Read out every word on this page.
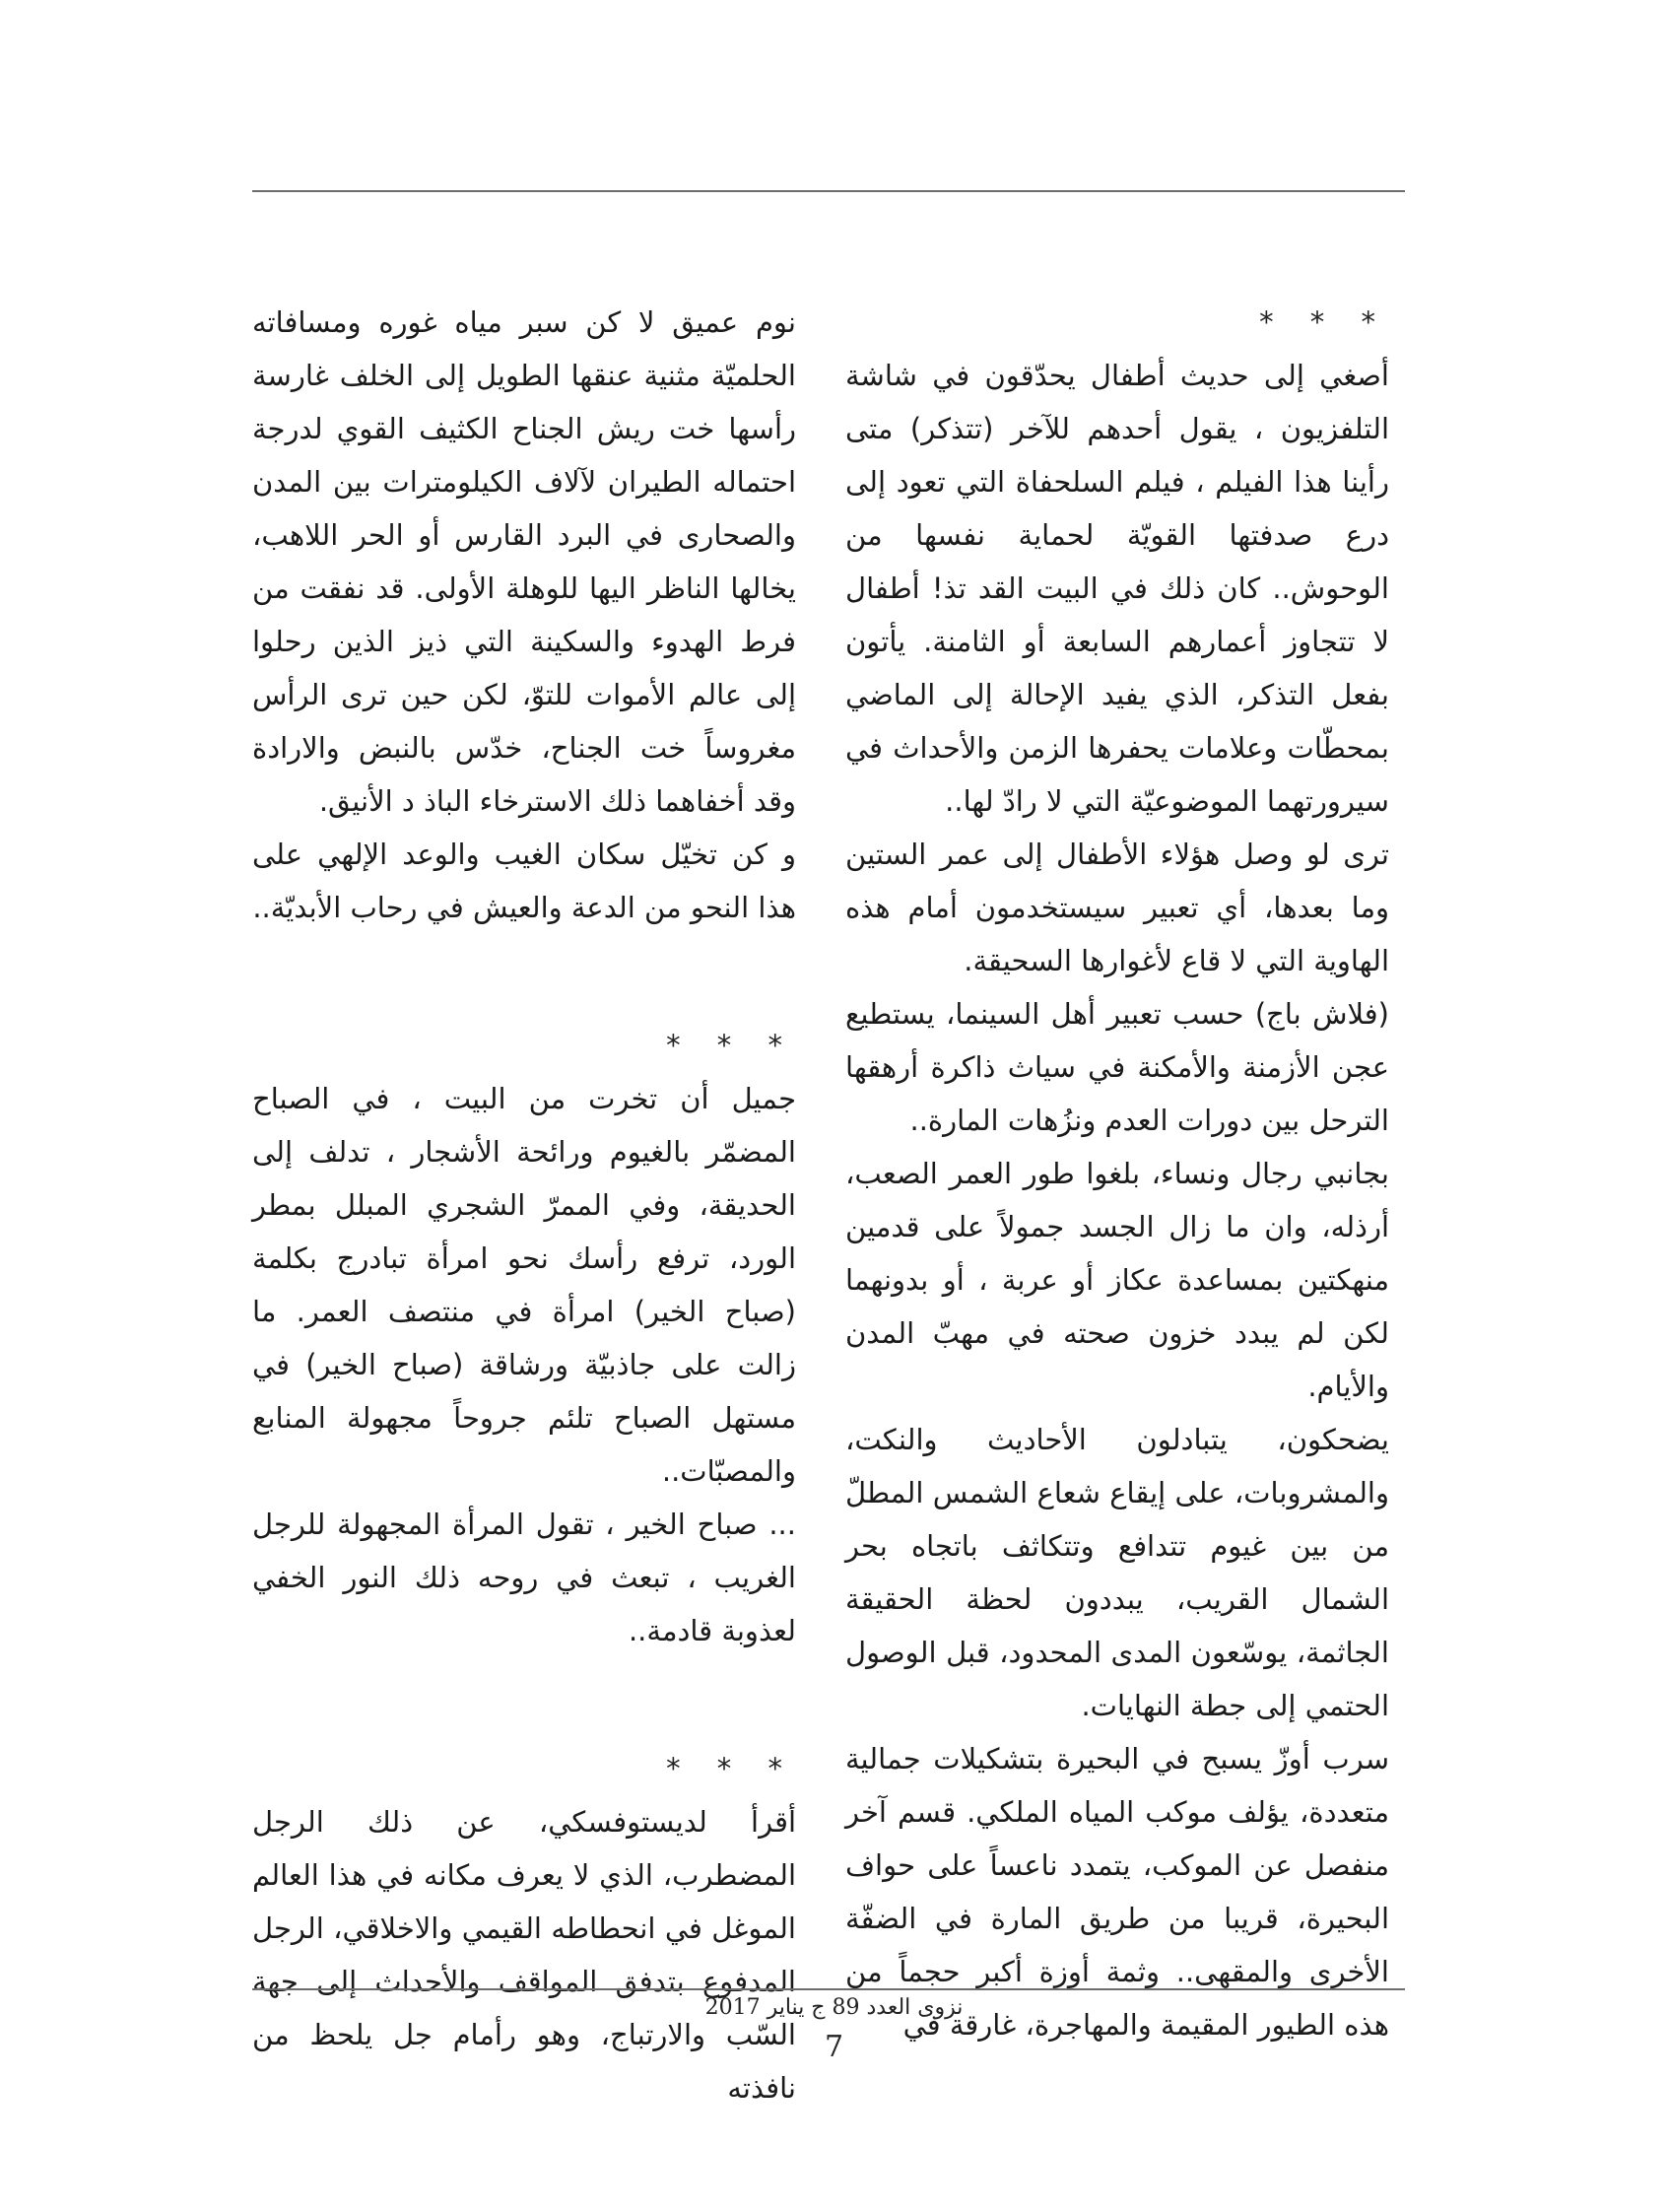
* * *

أصغي إلى حديث أطفال يحدّقون في شاشة التلفزيون ، يقول أحدهم للآخر (تتذكر) متى رأينا هذا الفيلم ، فيلم السلحفاة التي تعود إلى درع صدفتها القويّة لحماية نفسها من الوحوش.. كان ذلك في البيت القد تذ! أطفال لا تتجاوز أعمارهم السابعة أو الثامنة. يأتون بفعل التذكر، الذي يفيد الإحالة إلى الماضي بمحطّات وعلامات يحفرها الزمن والأحداث في سيرورتهما الموضوعيّة التي لا رادّ لها..

ترى لو وصل هؤلاء الأطفال إلى عمر الستين وما بعدها، أي تعبير سيستخدمون أمام هذه الهاوية التي لا قاع لأغوارها السحيقة.

(فلاش باج) حسب تعبير أهل السينما، يستطيع عجن الأزمنة والأمكنة في سياث ذاكرة أرهقها الترحل بين دورات العدم ونزُهات المارة..

بجانبي رجال ونساء، بلغوا طور العمر الصعب، أرذله، وان ما زال الجسد جمولاً على قدمين منهكتين بمساعدة عكاز أو عربة ، أو بدونهما لكن لم يبدد خزون صحته في مهبّ المدن والأيام.

يضحكون، يتبادلون الأحاديث والنكت، والمشروبات، على إيقاع شعاع الشمس المطلّ من بين غيوم تتدافع وتتكاثف باتجاه بحر الشمال القريب، يبددون لحظة الحقيقة الجاثمة، يوسّعون المدى المحدود، قبل الوصول الحتمي إلى جطة النهايات.

سرب أوزّ يسبح في البحيرة بتشكيلات جمالية متعددة، يؤلف موكب المياه الملكي. قسم آخر منفصل عن الموكب، يتمدد ناعساً على حواف البحيرة، قريبا من طريق المارة في الضفّة الأخرى والمقهى.. وثمة أوزة أكبر حجماً من هذه الطيور المقيمة والمهاجرة، غارقة في

نوم عميق لا كن سبر مياه غوره ومسافاته الحلميّة مثنية عنقها الطويل إلى الخلف غارسة رأسها خت ريش الجناح الكثيف القوي لدرجة احتماله الطيران لآلاف الكيلومترات بين المدن والصحارى في البرد القارس أو الحر اللاهب، يخالها الناظر اليها للوهلة الأولى. قد نفقت من فرط الهدوء والسكينة التي ذيز الذين رحلوا إلى عالم الأموات للتوّ، لكن حين ترى الرأس مغروساً خت الجناح، خدّس بالنبض والارادة وقد أخفاهما ذلك الاسترخاء الباذ د الأنيق.

و كن تخيّل سكان الغيب والوعد الإلهي على هذا النحو من الدعة والعيش في رحاب الأبديّة..

* * *

جميل أن تخرت من البيت ، في الصباح المضمّر بالغيوم ورائحة الأشجار ، تدلف إلى الحديقة، وفي الممرّ الشجري المبلل بمطر الورد، ترفع رأسك نحو امرأة تبادرج بكلمة (صباح الخير) امرأة في منتصف العمر. ما زالت على جاذبيّة ورشاقة (صباح الخير) في مستهل الصباح تلئم جروحاً مجهولة المنابع والمصبّات..

... صباح الخير ، تقول المرأة المجهولة للرجل الغريب ، تبعث في روحه ذلك النور الخفي لعذوبة قادمة..

* * *

أقرأ لديستوفسكي، عن ذلك الرجل المضطرب، الذي لا يعرف مكانه في هذا العالم الموغل في انحطاطه القيمي والاخلاقي، الرجل المدفوع بتدفق المواقف والأحداث إلى جهة السّب والارتباج، وهو رأمام جل يلحظ من نافذته

نزوى العدد 89 ج يناير 2017
7
